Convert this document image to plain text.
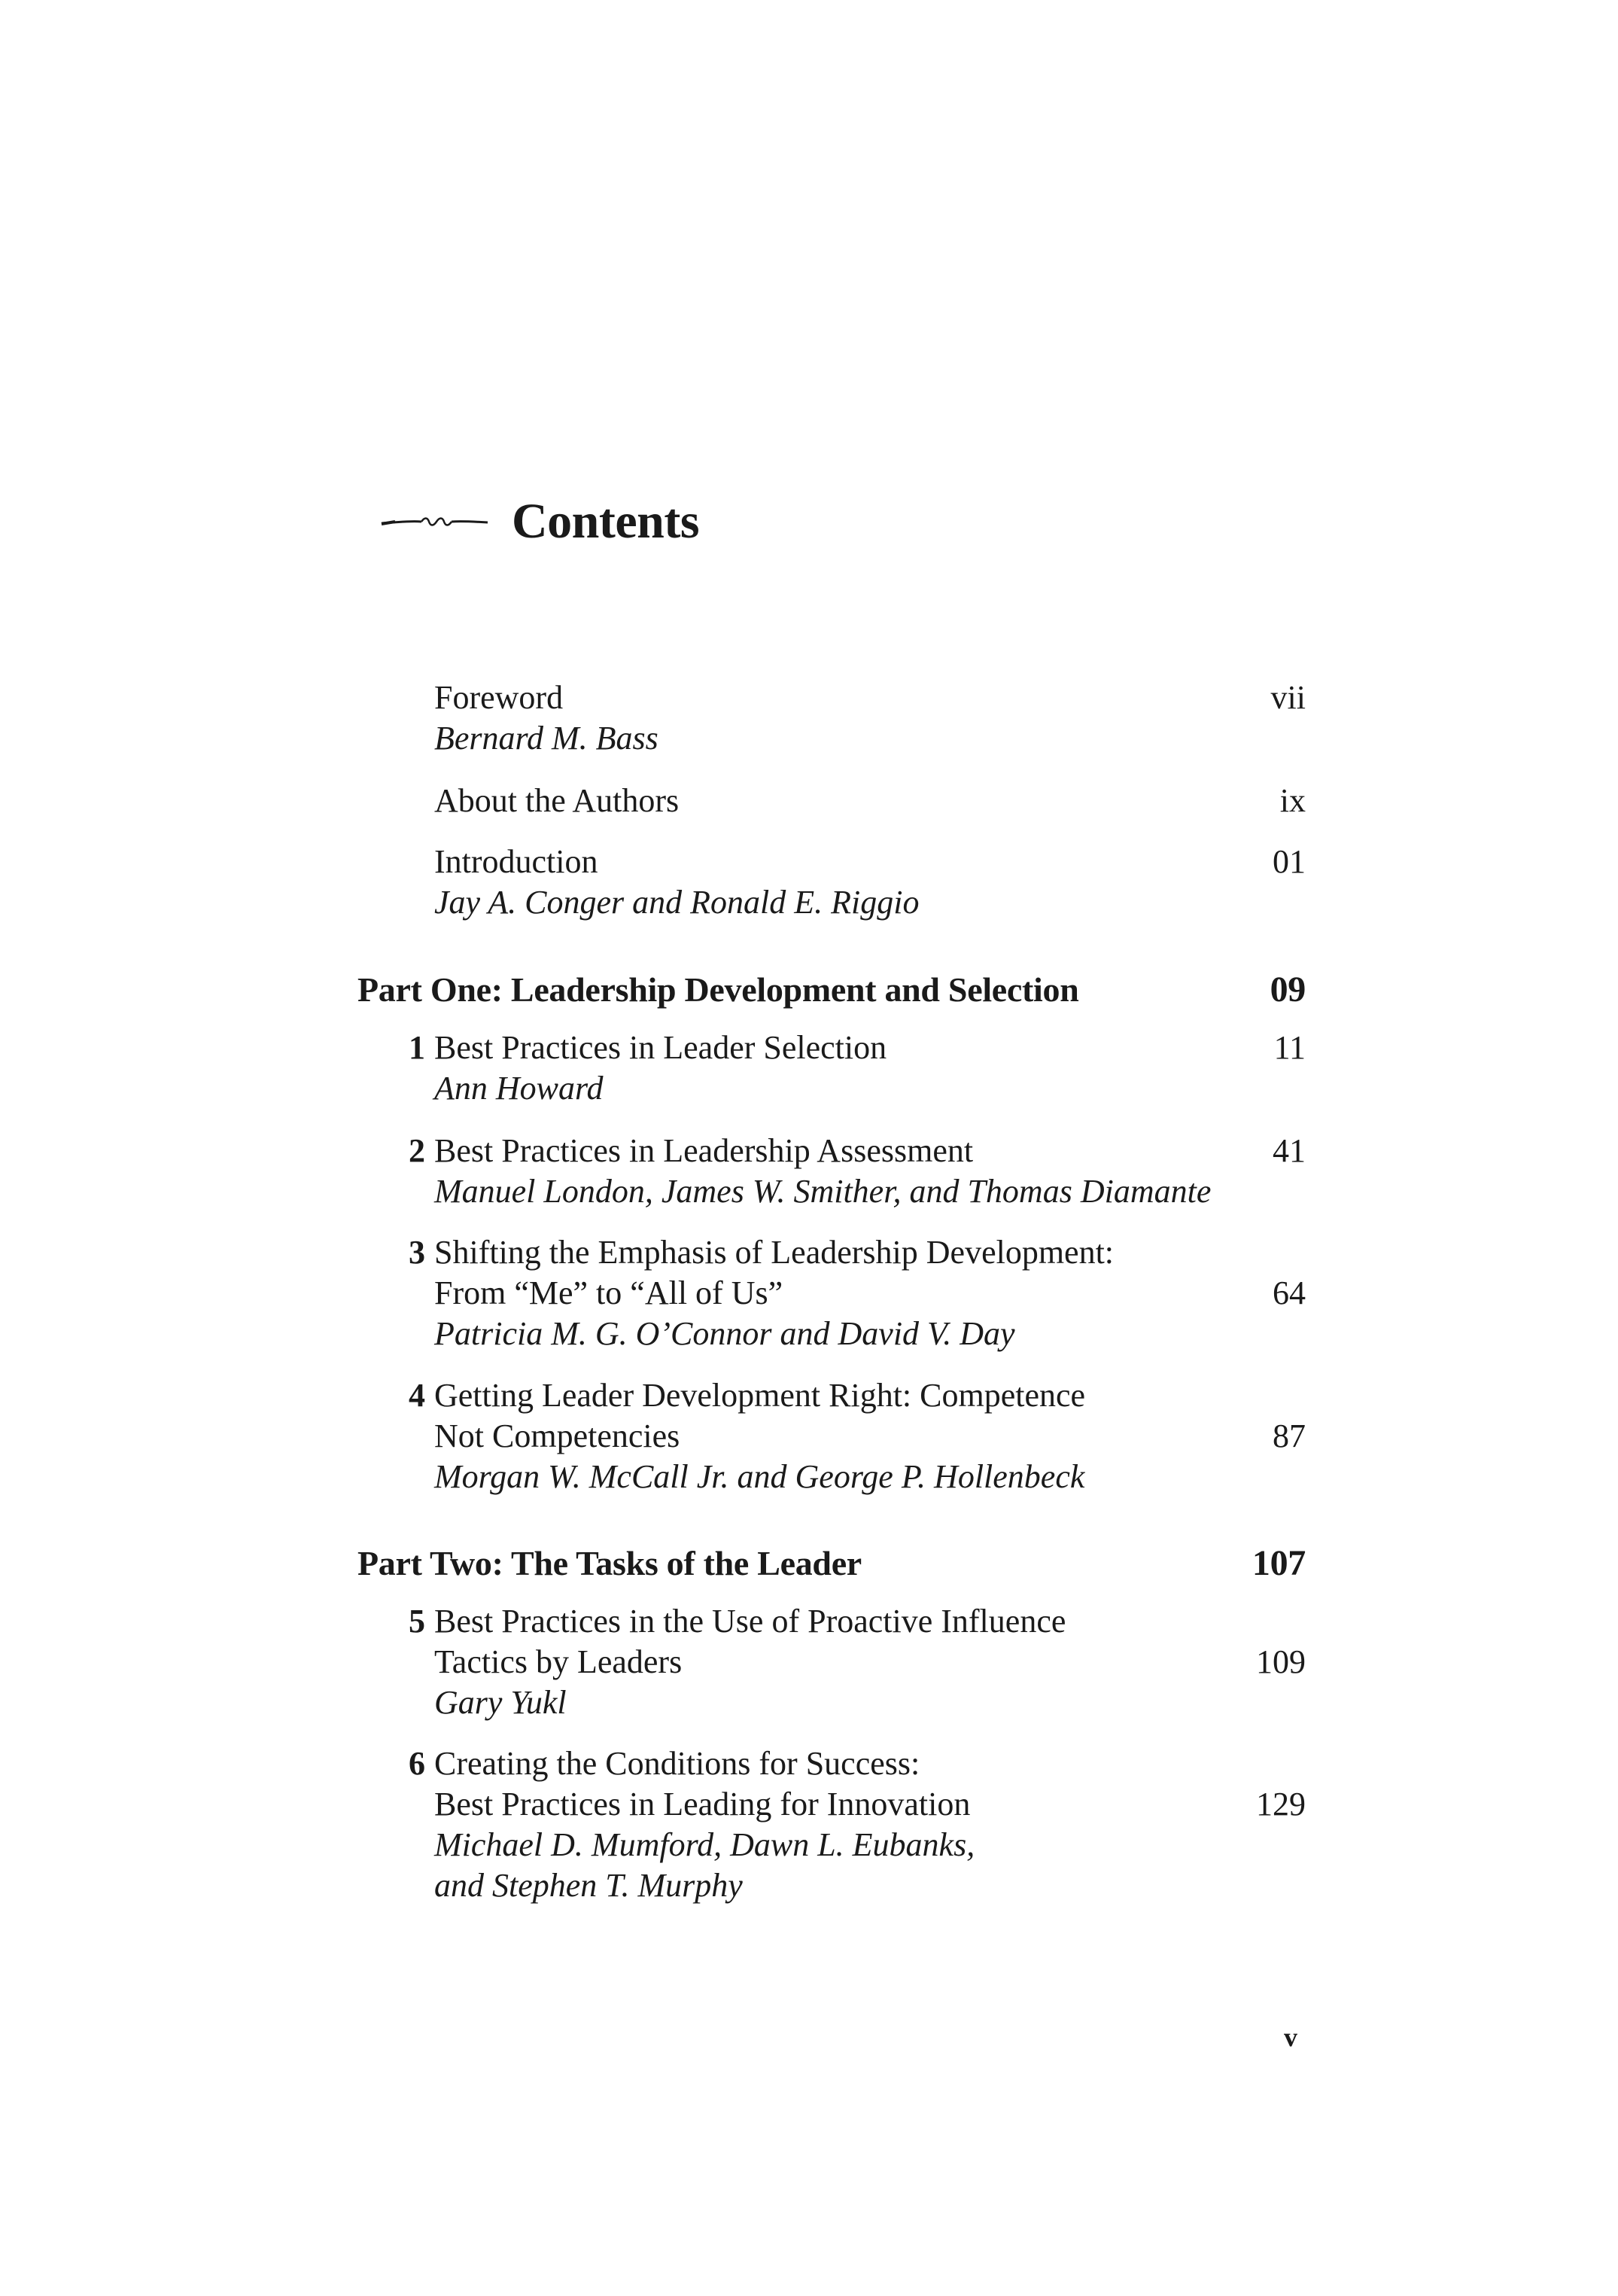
Contents
Foreword	vii
Bernard M. Bass
About the Authors	ix
Introduction	01
Jay A. Conger and Ronald E. Riggio
Part One: Leadership Development and Selection	09
1 Best Practices in Leader Selection	11
Ann Howard
2 Best Practices in Leadership Assessment	41
Manuel London, James W. Smither, and Thomas Diamante
3 Shifting the Emphasis of Leadership Development:
From “Me” to “All of Us”	64
Patricia M. G. O’Connor and David V. Day
4 Getting Leader Development Right: Competence
Not Competencies	87
Morgan W. McCall Jr. and George P. Hollenbeck
Part Two: The Tasks of the Leader	107
5 Best Practices in the Use of Proactive Influence
Tactics by Leaders	109
Gary Yukl
6 Creating the Conditions for Success:
Best Practices in Leading for Innovation	129
Michael D. Mumford, Dawn L. Eubanks,
and Stephen T. Murphy
v
